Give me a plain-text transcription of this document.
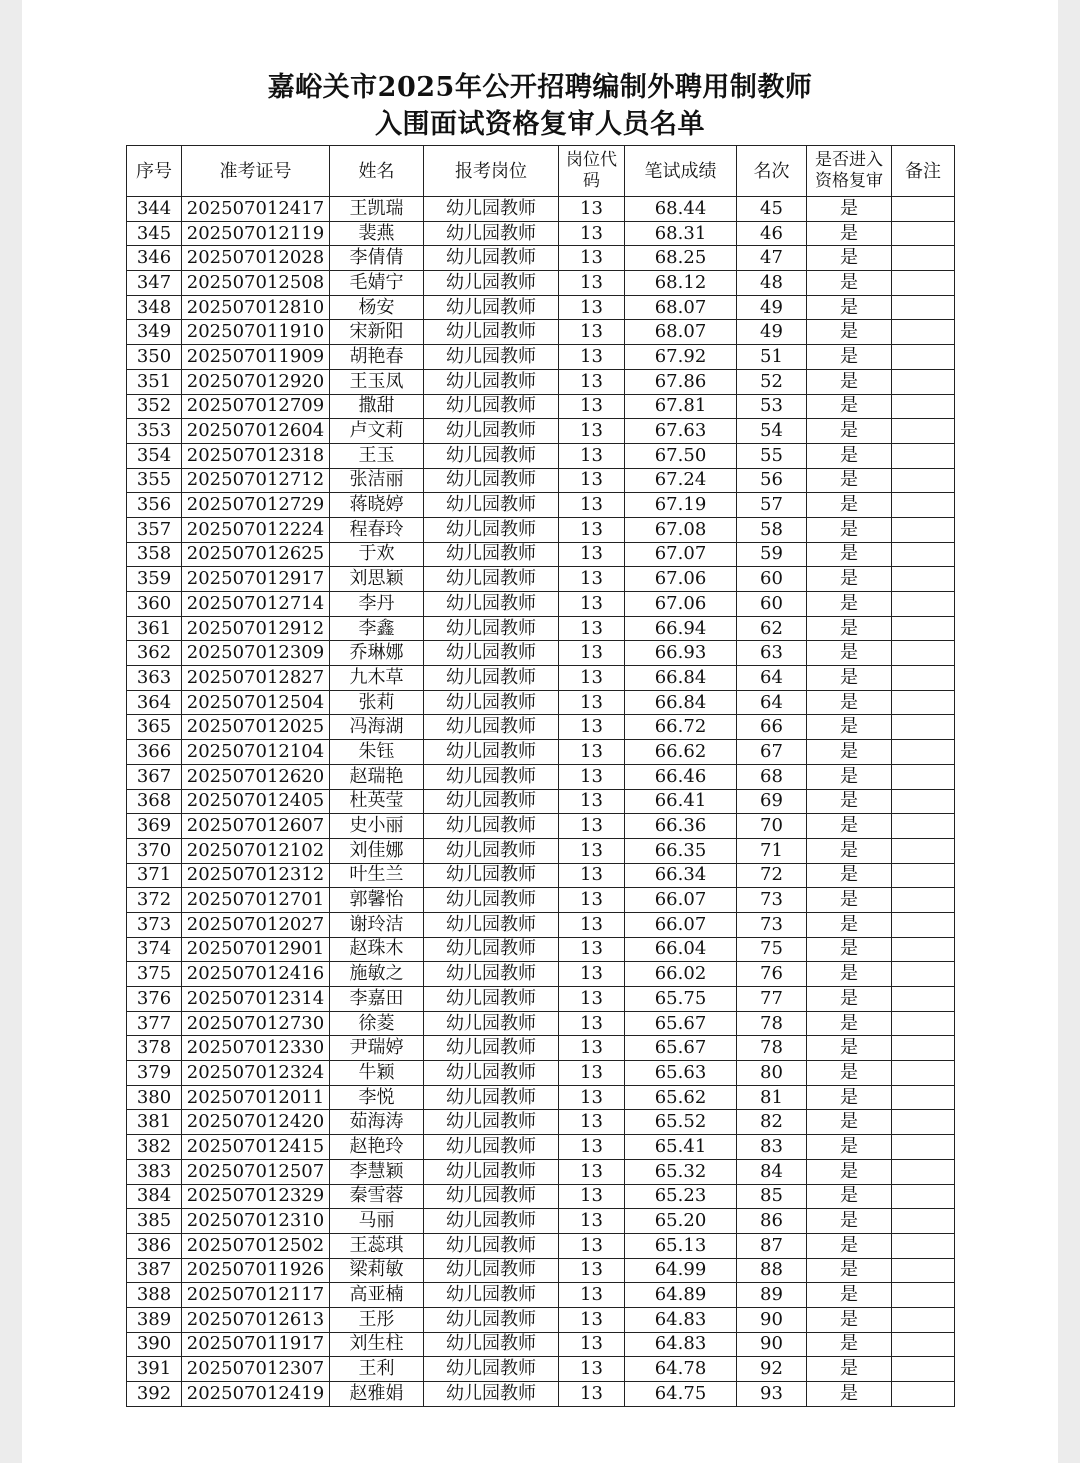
嘉峪关市2025年公开招聘编制外聘用制教师
入围面试资格复审人员名单
序号	准考证号	姓名	报考岗位	岗位代码	笔试成绩	名次	是否进入资格复审	备注
344	202507012417	王凯瑞	幼儿园教师	13	68.44	45	是	
345	202507012119	裴燕	幼儿园教师	13	68.31	46	是	
346	202507012028	李倩倩	幼儿园教师	13	68.25	47	是	
347	202507012508	毛婧宁	幼儿园教师	13	68.12	48	是	
348	202507012810	杨安	幼儿园教师	13	68.07	49	是	
349	202507011910	宋新阳	幼儿园教师	13	68.07	49	是	
350	202507011909	胡艳春	幼儿园教师	13	67.92	51	是	
351	202507012920	王玉凤	幼儿园教师	13	67.86	52	是	
352	202507012709	撒甜	幼儿园教师	13	67.81	53	是	
353	202507012604	卢文莉	幼儿园教师	13	67.63	54	是	
354	202507012318	王玉	幼儿园教师	13	67.50	55	是	
355	202507012712	张洁丽	幼儿园教师	13	67.24	56	是	
356	202507012729	蒋晓婷	幼儿园教师	13	67.19	57	是	
357	202507012224	程春玲	幼儿园教师	13	67.08	58	是	
358	202507012625	于欢	幼儿园教师	13	67.07	59	是	
359	202507012917	刘思颖	幼儿园教师	13	67.06	60	是	
360	202507012714	李丹	幼儿园教师	13	67.06	60	是	
361	202507012912	李鑫	幼儿园教师	13	66.94	62	是	
362	202507012309	乔琳娜	幼儿园教师	13	66.93	63	是	
363	202507012827	九木草	幼儿园教师	13	66.84	64	是	
364	202507012504	张莉	幼儿园教师	13	66.84	64	是	
365	202507012025	冯海湖	幼儿园教师	13	66.72	66	是	
366	202507012104	朱钰	幼儿园教师	13	66.62	67	是	
367	202507012620	赵瑞艳	幼儿园教师	13	66.46	68	是	
368	202507012405	杜英莹	幼儿园教师	13	66.41	69	是	
369	202507012607	史小丽	幼儿园教师	13	66.36	70	是	
370	202507012102	刘佳娜	幼儿园教师	13	66.35	71	是	
371	202507012312	叶生兰	幼儿园教师	13	66.34	72	是	
372	202507012701	郭馨怡	幼儿园教师	13	66.07	73	是	
373	202507012027	谢玲洁	幼儿园教师	13	66.07	73	是	
374	202507012901	赵珠木	幼儿园教师	13	66.04	75	是	
375	202507012416	施敏之	幼儿园教师	13	66.02	76	是	
376	202507012314	李嘉田	幼儿园教师	13	65.75	77	是	
377	202507012730	徐菱	幼儿园教师	13	65.67	78	是	
378	202507012330	尹瑞婷	幼儿园教师	13	65.67	78	是	
379	202507012324	牛颖	幼儿园教师	13	65.63	80	是	
380	202507012011	李悦	幼儿园教师	13	65.62	81	是	
381	202507012420	茹海涛	幼儿园教师	13	65.52	82	是	
382	202507012415	赵艳玲	幼儿园教师	13	65.41	83	是	
383	202507012507	李慧颖	幼儿园教师	13	65.32	84	是	
384	202507012329	秦雪蓉	幼儿园教师	13	65.23	85	是	
385	202507012310	马丽	幼儿园教师	13	65.20	86	是	
386	202507012502	王蕊琪	幼儿园教师	13	65.13	87	是	
387	202507011926	梁莉敏	幼儿园教师	13	64.99	88	是	
388	202507012117	高亚楠	幼儿园教师	13	64.89	89	是	
389	202507012613	王彤	幼儿园教师	13	64.83	90	是	
390	202507011917	刘生柱	幼儿园教师	13	64.83	90	是	
391	202507012307	王利	幼儿园教师	13	64.78	92	是	
392	202507012419	赵雅娟	幼儿园教师	13	64.75	93	是	
